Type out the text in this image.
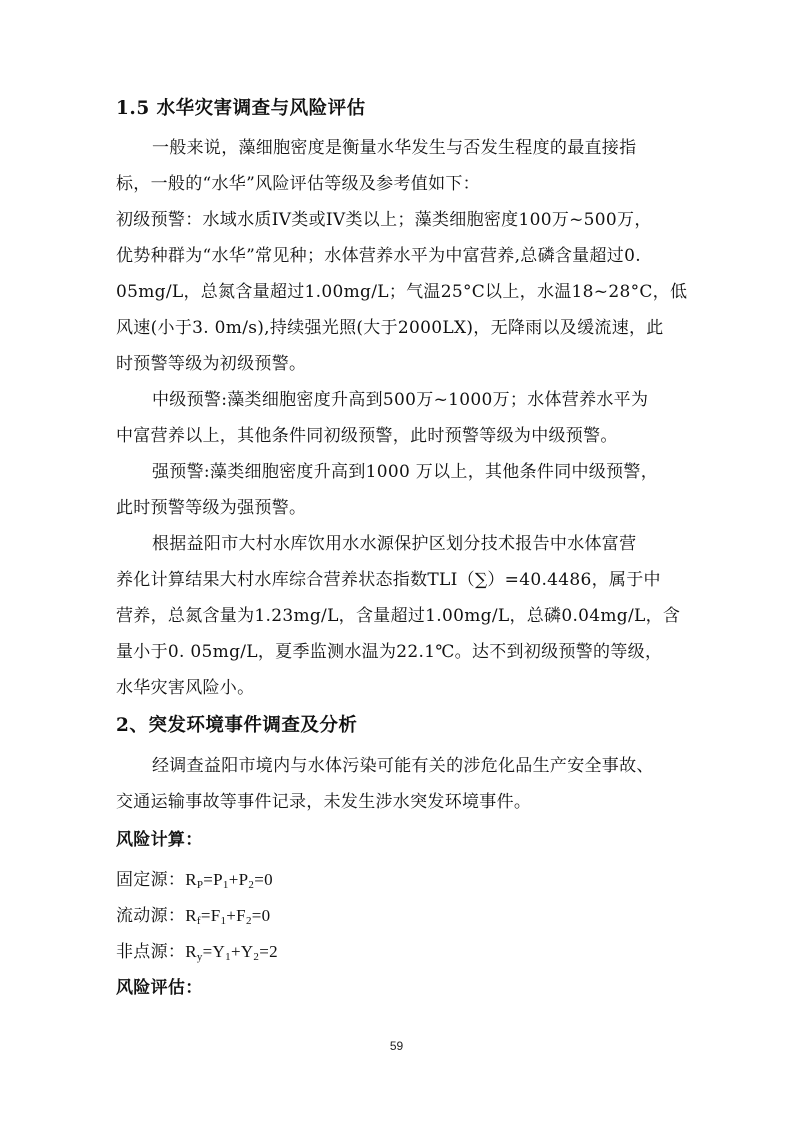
1.5 水华灾害调查与风险评估
一般来说，藻细胞密度是衡量水华发生与否发生程度的最直接指
标，一般的“水华”风险评估等级及参考值如下：
初级预警：水域水质IV类或IV类以上；藻类细胞密度100万~500万，
优势种群为“水华”常见种；水体营养水平为中富营养,总磷含量超过0.
05mg/L，总氮含量超过1.00mg/L；气温25°C以上，水温18~28°C，低
风速(小于3. 0m/s),持续强光照(大于2000LX)，无降雨以及缓流速，此
时预警等级为初级预警。
中级预警:藻类细胞密度升高到500万~1000万；水体营养水平为
中富营养以上，其他条件同初级预警，此时预警等级为中级预警。
强预警:藻类细胞密度升高到1000 万以上，其他条件同中级预警，
此时预警等级为强预警。
根据益阳市大村水库饮用水水源保护区划分技术报告中水体富营
养化计算结果大村水库综合营养状态指数TLI（∑）=40.4486，属于中
营养，总氮含量为1.23mg/L，含量超过1.00mg/L，总磷0.04mg/L，含
量小于0. 05mg/L，夏季监测水温为22.1℃。达不到初级预警的等级，
水华灾害风险小。
2、突发环境事件调查及分析
经调查益阳市境内与水体污染可能有关的涉危化品生产安全事故、
交通运输事故等事件记录，未发生涉水突发环境事件。
风险计算：
固定源：$R_P=P_1+P_2=0$
流动源：$R_f=F_1+F_2=0$
非点源：$R_y=Y_1+Y_2=2$
风险评估：
59
